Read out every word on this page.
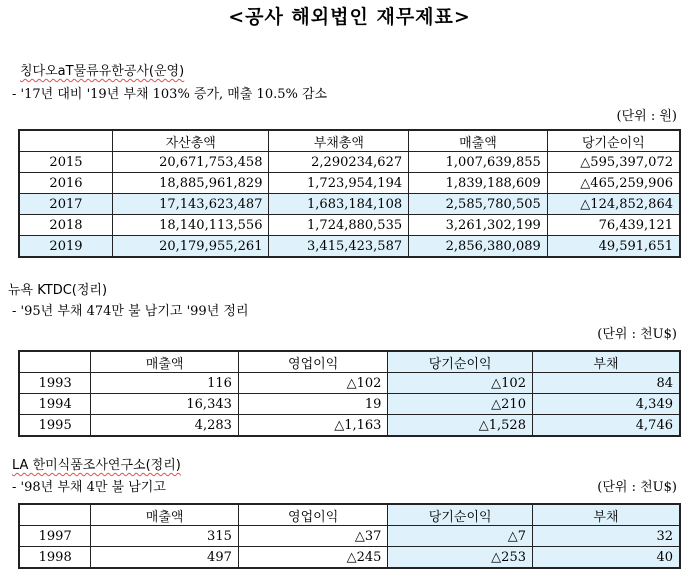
<공사 해외법인 재무제표>
칭다오aT물류유한공사(운영)
- '17년 대비 '19년 부채 103% 증가, 매출 10.5% 감소
(단위 : 원)
	자산총액	부채총액	매출액	당기순이익
2015	20,671,753,458	2,290234,627	1,007,639,855	△595,397,072
2016	18,885,961,829	1,723,954,194	1,839,188,609	△465,259,906
2017	17,143,623,487	1,683,184,108	2,585,780,505	△124,852,864
2018	18,140,113,556	1,724,880,535	3,261,302,199	76,439,121
2019	20,179,955,261	3,415,423,587	2,856,380,089	49,591,651
뉴욕 KTDC(정리)
- '95년 부채 474만 불 남기고 '99년 정리
(단위 : 천U$)
	매출액	영업이익	당기순이익	부채
1993	116	△102	△102	84
1994	16,343	19	△210	4,349
1995	4,283	△1,163	△1,528	4,746
LA 한미식품조사연구소(정리)
- '98년 부채 4만 불 남기고	(단위 : 천U$)
	매출액	영업이익	당기순이익	부채
1997	315	△37	△7	32
1998	497	△245	△253	40
